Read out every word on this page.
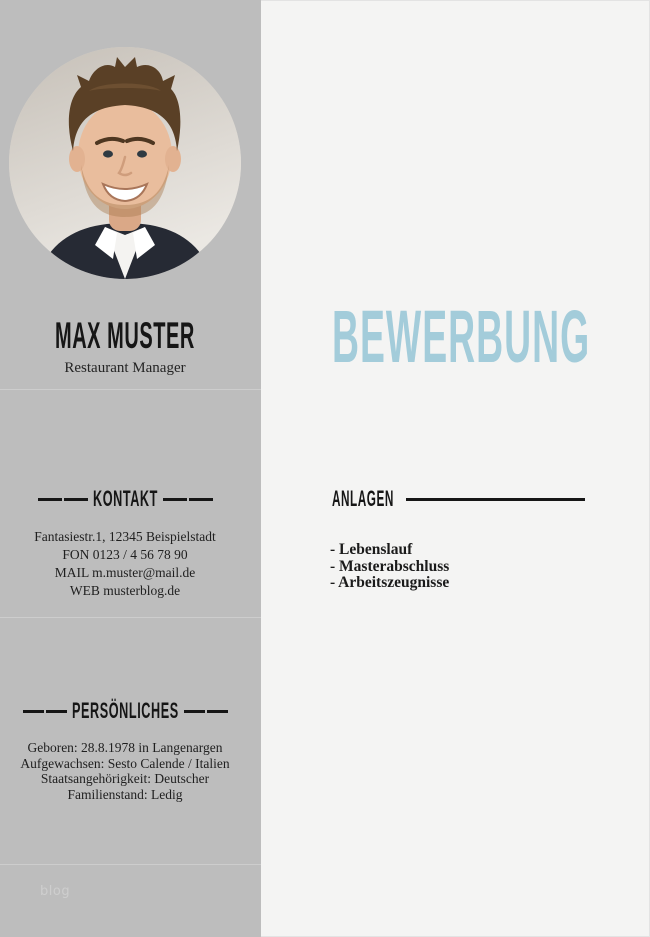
MAX MUSTER
Restaurant Manager
KONTAKT
Fantasiestr.1, 12345 Beispielstadt
FON 0123 / 4 56 78 90
MAIL m.muster@mail.de
WEB musterblog.de
PERSÖNLICHES
Geboren: 28.8.1978 in Langenargen
Aufgewachsen: Sesto Calende / Italien
Staatsangehörigkeit: Deutscher
Familienstand: Ledig
blog
BEWERBUNG
ANLAGEN
- Lebenslauf
- Masterabschluss
- Arbeitszeugnisse
